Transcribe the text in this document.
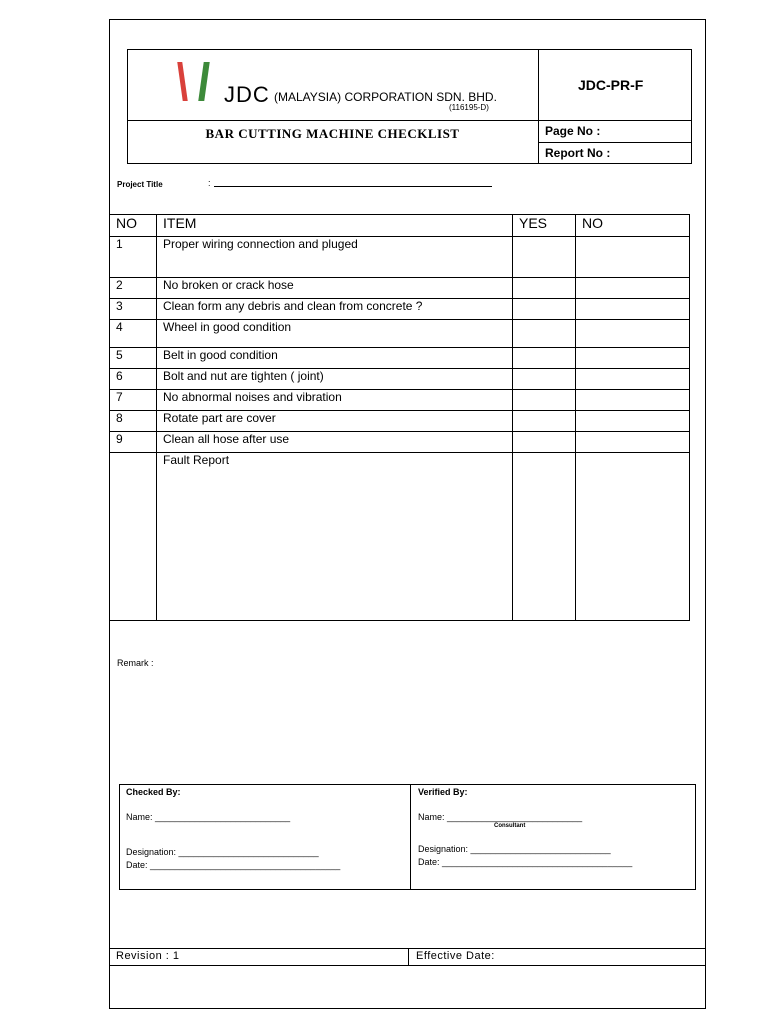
JDC (MALAYSIA) CORPORATION SDN. BHD.
(116195-D)
JDC-PR-F
BAR CUTTING MACHINE CHECKLIST	Page No :
Report No :
Project Title	:
NO	ITEM	YES	NO
1	Proper wiring connection and pluged		
2	No broken or crack hose		
3	Clean form any debris and clean from concrete ?		
4	Wheel in good condition		
5	Belt in good condition		
6	Bolt and nut are tighten ( joint)		
7	No abnormal noises and vibration		
8	Rotate part are cover		
9	Clean all hose after use		
	Fault Report		
Remark :
Checked By:
Name: ___________________________
Designation: ____________________________
Date: ______________________________________
Verified By:
Name: ___________________________
Consultant
Designation: ____________________________
Date: ______________________________________
Revision : 1	Effective Date:
